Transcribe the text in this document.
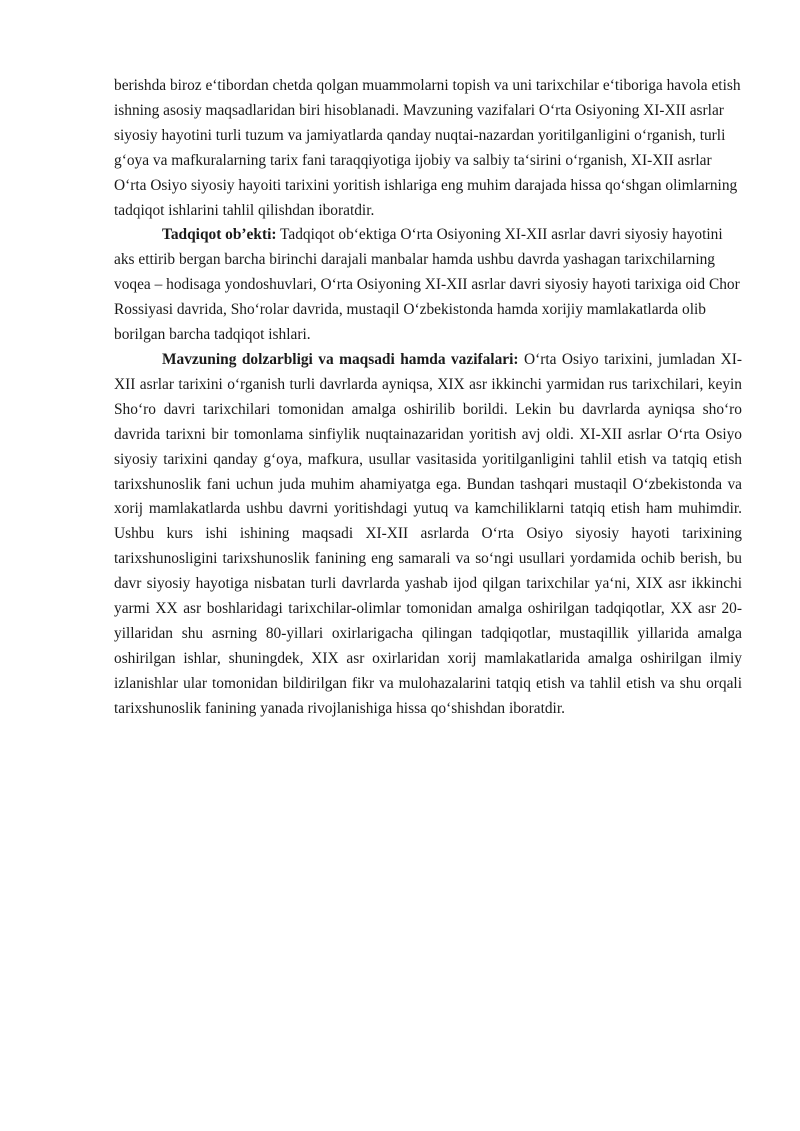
berishda biroz e‘tibordan chetda qolgan muammolarni topish va uni tarixchilar e‘tiboriga havola etish ishning asosiy maqsadlaridan biri hisoblanadi. Mavzuning vazifalari O‘rta Osiyoning XI-XII asrlar siyosiy hayotini turli tuzum va jamiyatlarda qanday nuqtai-nazardan yoritilganligini o‘rganish, turli g‘oya va mafkuralarning tarix fani taraqqiyotiga ijobiy va salbiy ta‘sirini o‘rganish, XI-XII asrlar O‘rta Osiyo siyosiy hayoiti tarixini yoritish ishlariga eng muhim darajada hissa qo‘shgan olimlarning tadqiqot ishlarini tahlil qilishdan iboratdir.

Tadqiqot ob’ekti: Tadqiqot ob‘ektiga O‘rta Osiyoning XI-XII asrlar davri siyosiy hayotini aks ettirib bergan barcha birinchi darajali manbalar hamda ushbu davrda yashagan tarixchilarning voqea – hodisaga yondoshuvlari, O‘rta Osiyoning XI-XII asrlar davri siyosiy hayoti tarixiga oid Chor Rossiyasi davrida, Sho‘rolar davrida, mustaqil O‘zbekistonda hamda xorijiy mamlakatlarda olib borilgan barcha tadqiqot ishlari.

Mavzuning dolzarbligi va maqsadi hamda vazifalari: O‘rta Osiyo tarixini, jumladan XI-XII asrlar tarixini o‘rganish turli davrlarda ayniqsa, XIX asr ikkinchi yarmidan rus tarixchilari, keyin Sho‘ro davri tarixchilari tomonidan amalga oshirilib borildi. Lekin bu davrlarda ayniqsa sho‘ro davrida tarixni bir tomonlama sinfiylik nuqtainazaridan yoritish avj oldi. XI-XII asrlar O‘rta Osiyo siyosiy tarixini qanday g‘oya, mafkura, usullar vasitasida yoritilganligini tahlil etish va tatqiq etish tarixshunoslik fani uchun juda muhim ahamiyatga ega. Bundan tashqari mustaqil O‘zbekistonda va xorij mamlakatlarda ushbu davrni yoritishdagi yutuq va kamchiliklarni tatqiq etish ham muhimdir. Ushbu kurs ishi ishining maqsadi XI-XII asrlarda O‘rta Osiyo siyosiy hayoti tarixining tarixshunosligini tarixshunoslik fanining eng samarali va so‘ngi usullari yordamida ochib berish, bu davr siyosiy hayotiga nisbatan turli davrlarda yashab ijod qilgan tarixchilar ya‘ni, XIX asr ikkinchi yarmi XX asr boshlaridagi tarixchilar-olimlar tomonidan amalga oshirilgan tadqiqotlar, XX asr 20-yillaridan shu asrning 80-yillari oxirlarigacha qilingan tadqiqotlar, mustaqillik yillarida amalga oshirilgan ishlar, shuningdek, XIX asr oxirlaridan xorij mamlakatlarida amalga oshirilgan ilmiy izlanishlar ular tomonidan bildirilgan fikr va mulohazalarini tatqiq etish va tahlil etish va shu orqali tarixshunoslik fanining yanada rivojlanishiga hissa qo‘shishdan iboratdir.
